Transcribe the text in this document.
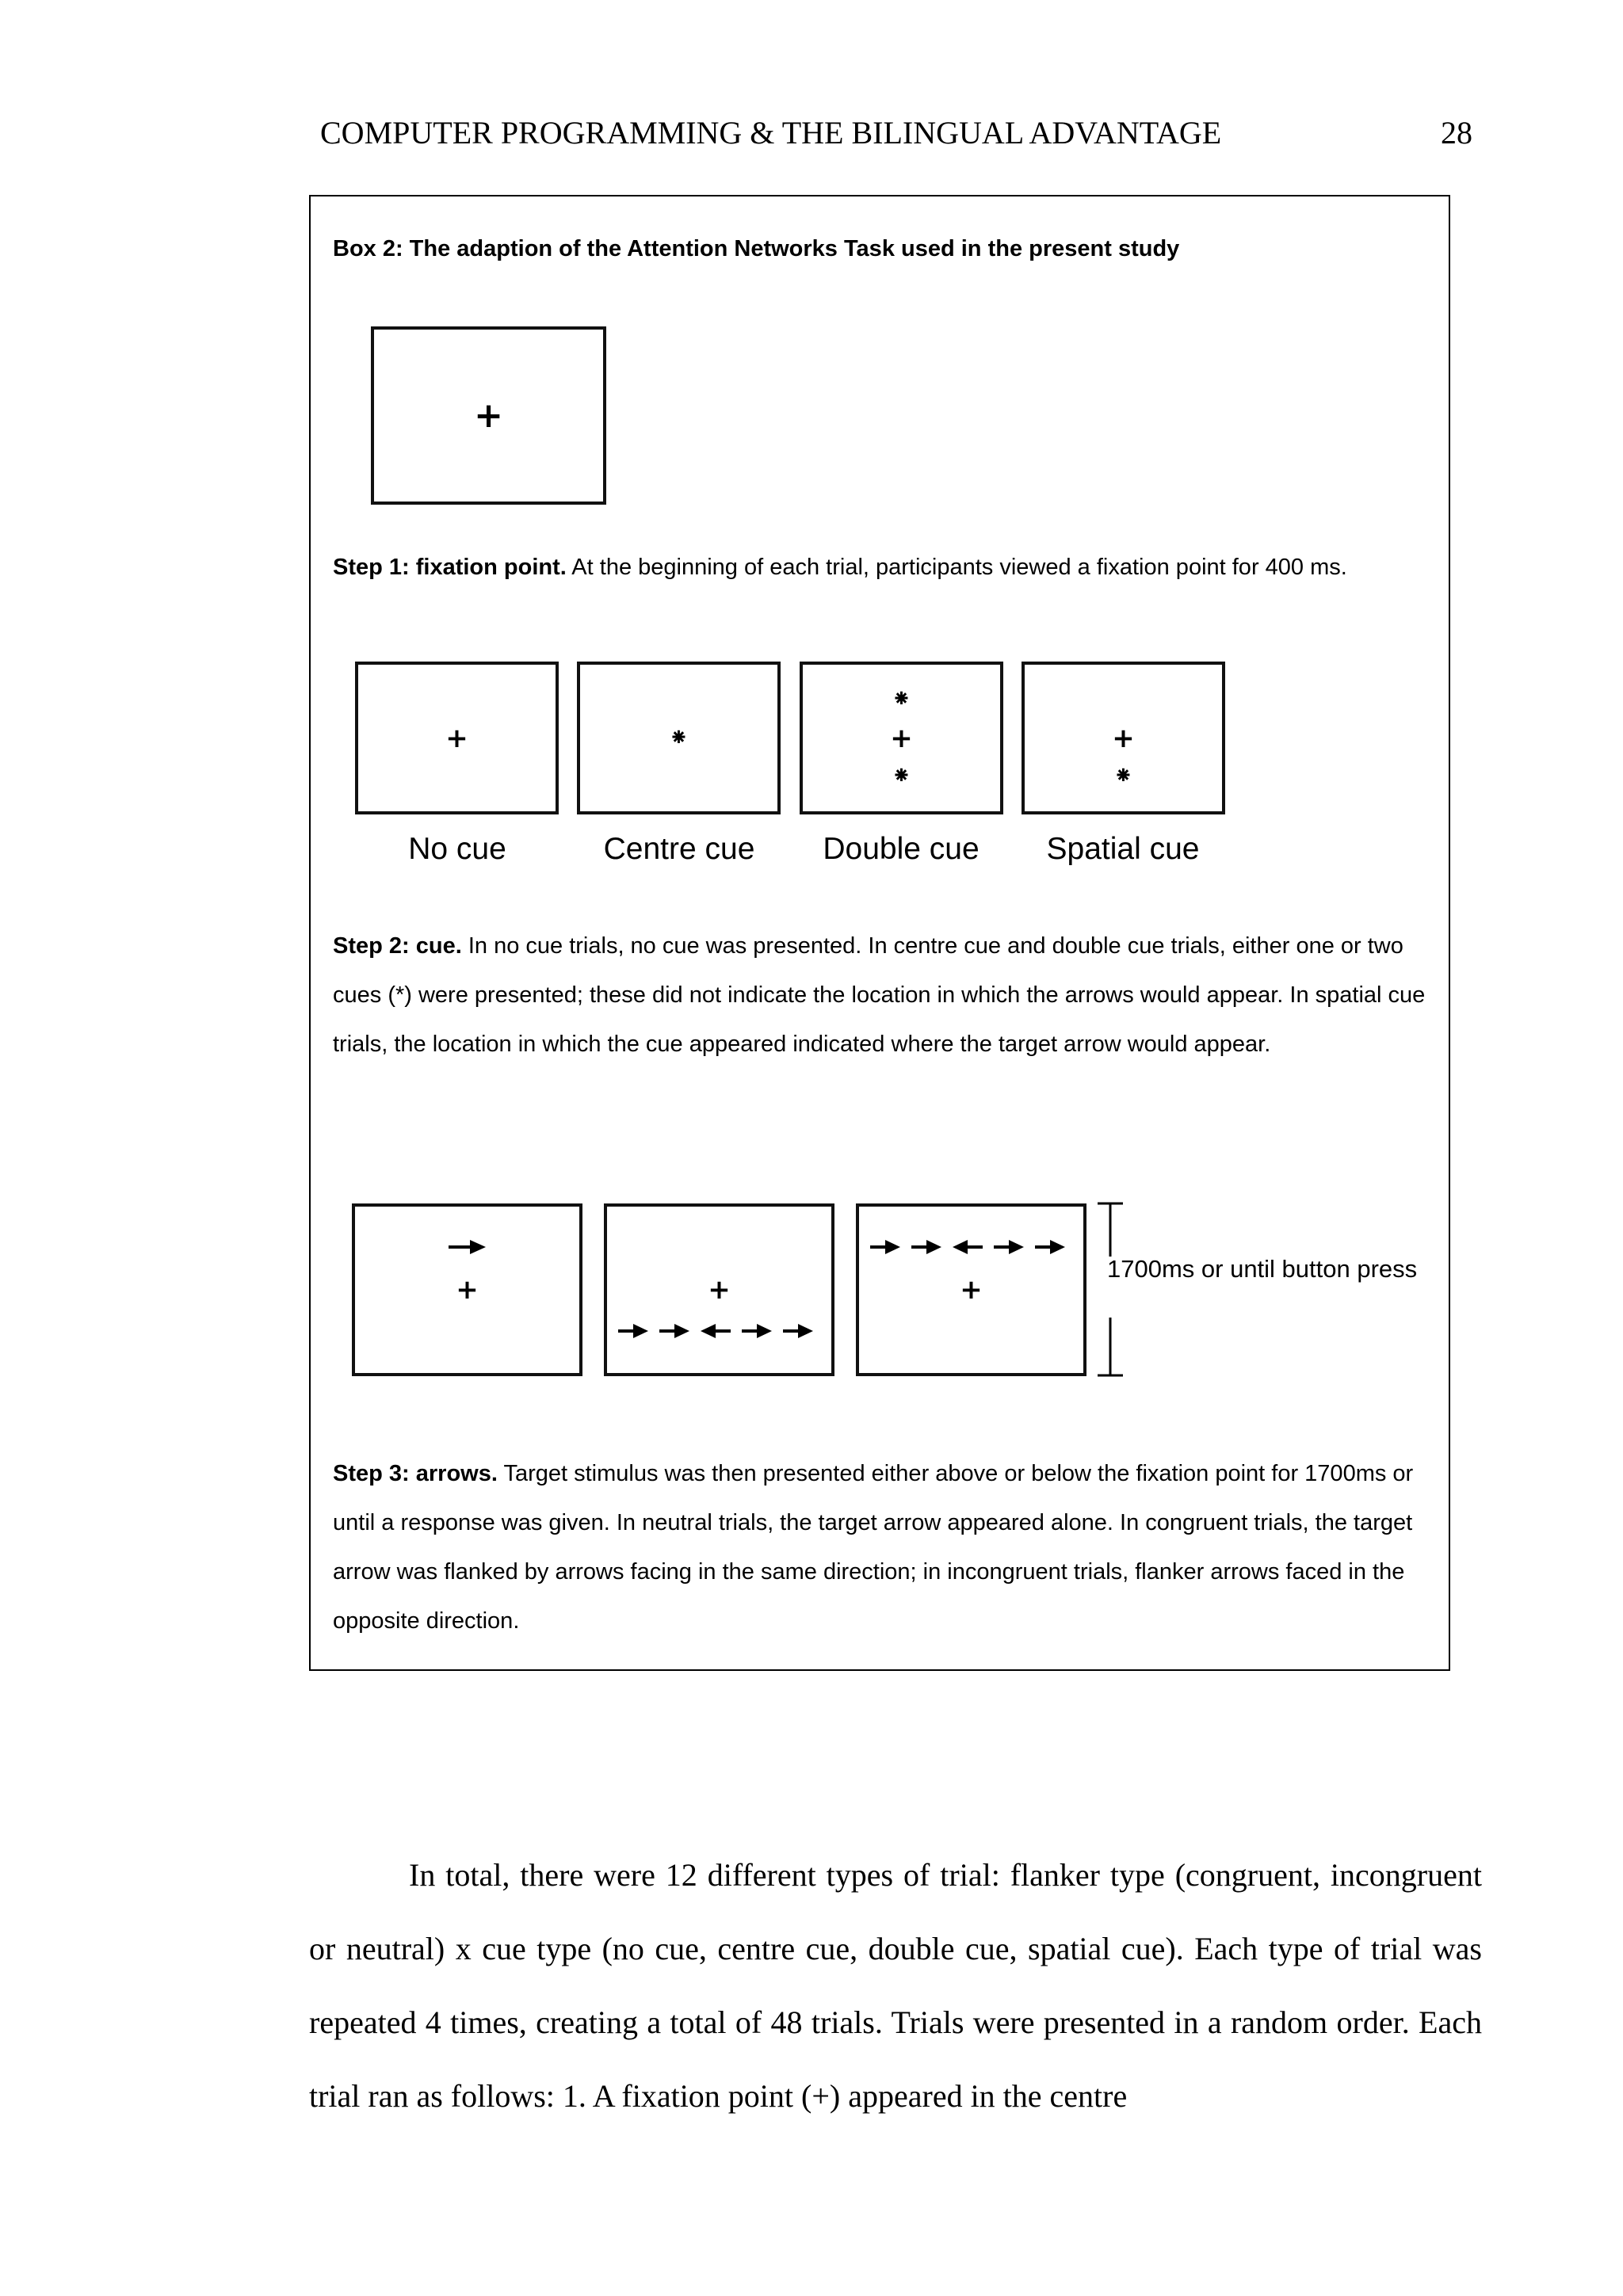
COMPUTER PROGRAMMING & THE BILINGUAL ADVANTAGE	28
Box 2: The adaption of the Attention Networks Task used in the present study
+
Step 1: fixation point. At the beginning of each trial, participants viewed a fixation point for 400 ms.
+	⁕
⁕
+
⁕
+
⁕
No cue	Centre cue	Double cue	Spatial cue
Step 2: cue. In no cue trials, no cue was presented. In centre cue and double cue trials, either one or two cues (*) were presented; these did not indicate the location in which the arrows would appear. In spatial cue trials, the location in which the cue appeared indicated where the target arrow would appear.
+	+	+
1700ms or until button press
Step 3: arrows. Target stimulus was then presented either above or below the fixation point for 1700ms or until a response was given. In neutral trials, the target arrow appeared alone. In congruent trials, the target arrow was flanked by arrows facing in the same direction; in incongruent trials, flanker arrows faced in the opposite direction.

In total, there were 12 different types of trial: flanker type (congruent, incongruent or neutral) x cue type (no cue, centre cue, double cue, spatial cue). Each type of trial was repeated 4 times, creating a total of 48 trials. Trials were presented in a random order. Each trial ran as follows: 1. A fixation point (+) appeared in the centre
